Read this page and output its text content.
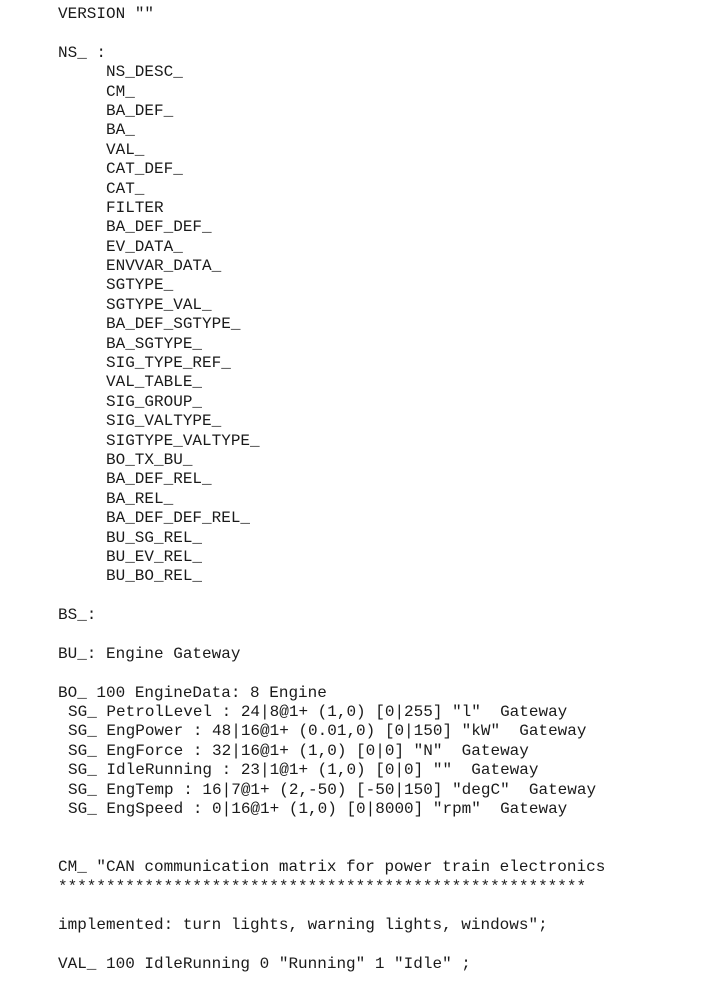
VERSION ""
NS_ :
NS_DESC_
CM_
BA_DEF_
BA_
VAL_
CAT_DEF_
CAT_
FILTER
BA_DEF_DEF_
EV_DATA_
ENVVAR_DATA_
SGTYPE_
SGTYPE_VAL_
BA_DEF_SGTYPE_
BA_SGTYPE_
SIG_TYPE_REF_
VAL_TABLE_
SIG_GROUP_
SIG_VALTYPE_
SIGTYPE_VALTYPE_
BO_TX_BU_
BA_DEF_REL_
BA_REL_
BA_DEF_DEF_REL_
BU_SG_REL_
BU_EV_REL_
BU_BO_REL_
BS_:
BU_: Engine Gateway
BO_ 100 EngineData: 8 Engine
SG_ PetrolLevel : 24|8@1+ (1,0) [0|255] "l"  Gateway
SG_ EngPower : 48|16@1+ (0.01,0) [0|150] "kW"  Gateway
SG_ EngForce : 32|16@1+ (1,0) [0|0] "N"  Gateway
SG_ IdleRunning : 23|1@1+ (1,0) [0|0] ""  Gateway
SG_ EngTemp : 16|7@1+ (2,-50) [-50|150] "degC"  Gateway
SG_ EngSpeed : 0|16@1+ (1,0) [0|8000] "rpm"  Gateway
CM_ "CAN communication matrix for power train electronics
*******************************************************
implemented: turn lights, warning lights, windows";
VAL_ 100 IdleRunning 0 "Running" 1 "Idle" ;
